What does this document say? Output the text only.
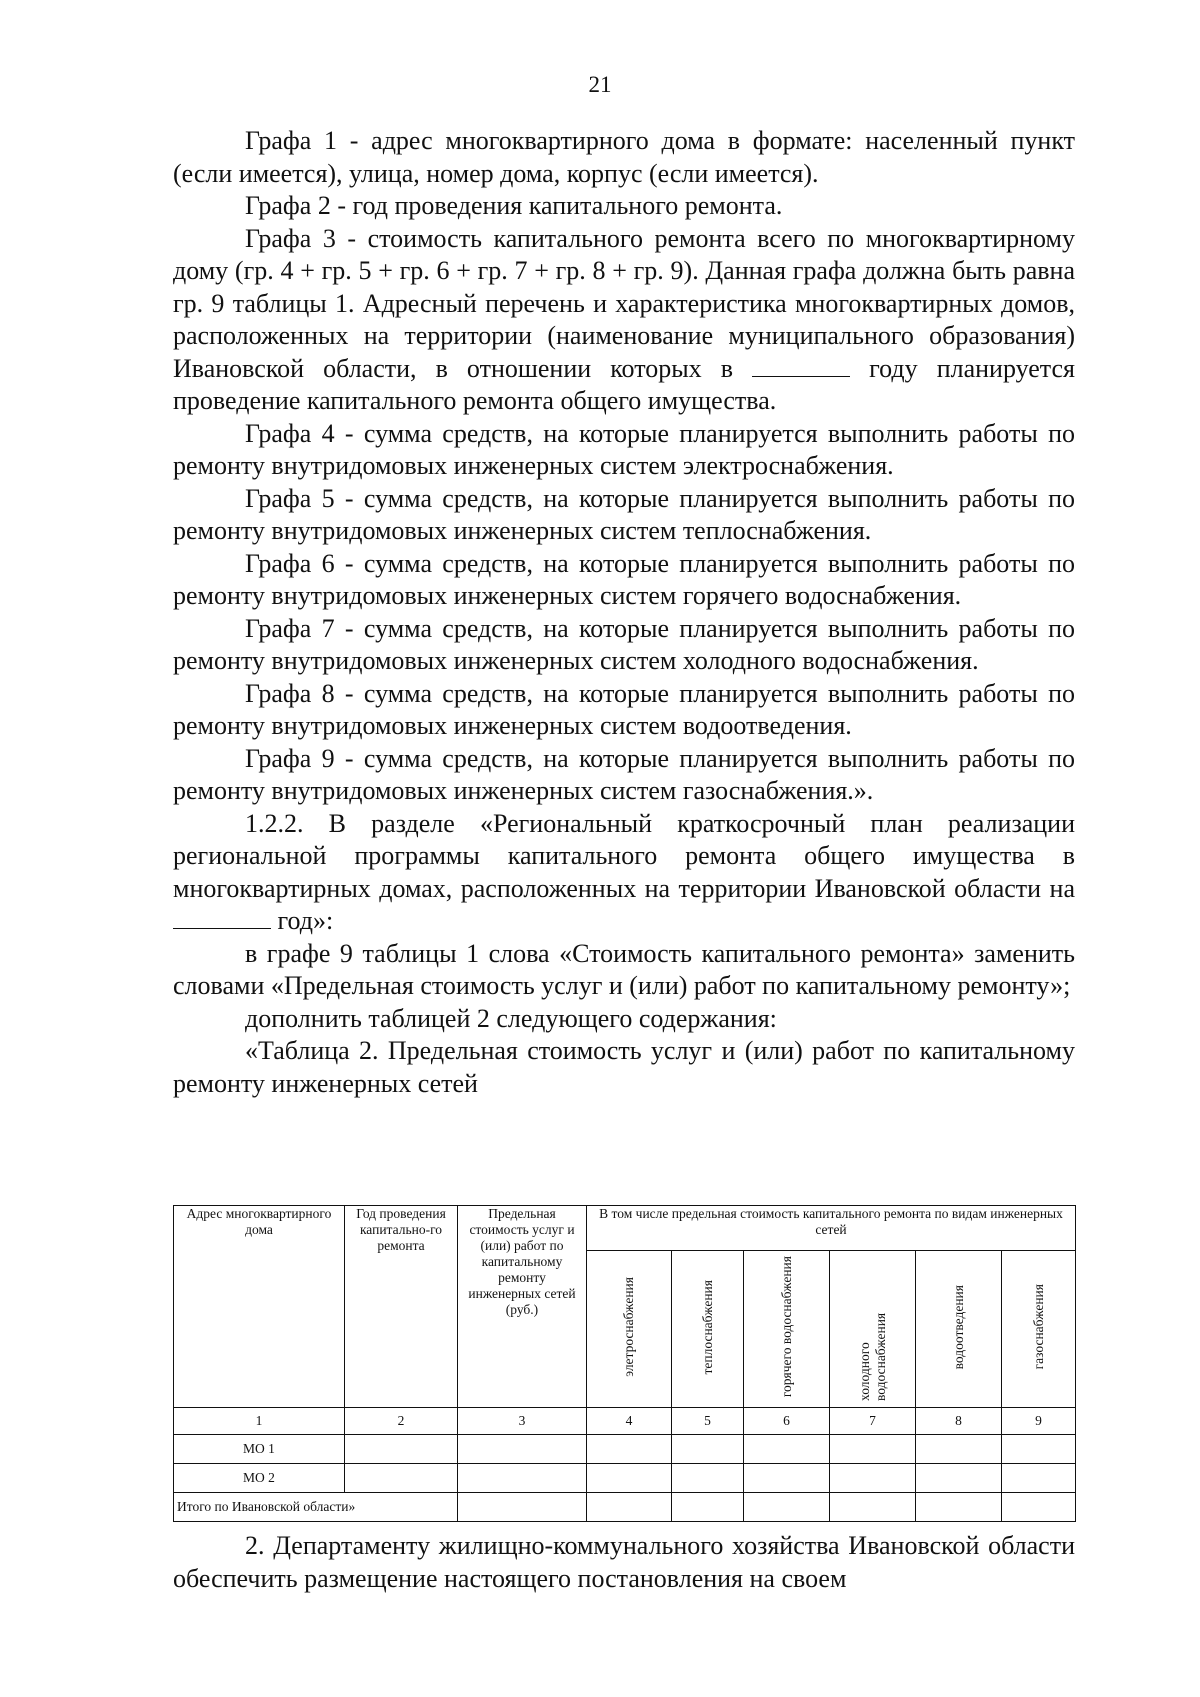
21

Графа 1 - адрес многоквартирного дома в формате: населенный пункт (если имеется), улица, номер дома, корпус (если имеется).

Графа 2 - год проведения капитального ремонта.

Графа 3 - стоимость капитального ремонта всего по многоквартирному дому (гр. 4 + гр. 5 + гр. 6 + гр. 7 + гр. 8 + гр. 9). Данная графа должна быть равна гр. 9 таблицы 1. Адресный перечень и характеристика многоквартирных домов, расположенных на территории (наименование муниципального образования) Ивановской области, в отношении которых в	году планируется проведение капитального ремонта общего имущества.

Графа 4 - сумма средств, на которые планируется выполнить работы по ремонту внутридомовых инженерных систем электроснабжения.

Графа 5 - сумма средств, на которые планируется выполнить работы по ремонту внутридомовых инженерных систем теплоснабжения.

Графа 6 - сумма средств, на которые планируется выполнить работы по ремонту внутридомовых инженерных систем горячего водоснабжения.

Графа 7 - сумма средств, на которые планируется выполнить работы по ремонту внутридомовых инженерных систем холодного водоснабжения.

Графа 8 - сумма средств, на которые планируется выполнить работы по ремонту внутридомовых инженерных систем водоотведения.

Графа 9 - сумма средств, на которые планируется выполнить работы по ремонту внутридомовых инженерных систем газоснабжения.».

1.2.2. В разделе «Региональный краткосрочный план реализации региональной программы капитального ремонта общего имущества в многоквартирных домах, расположенных на территории Ивановской области на  год»:

в графе 9 таблицы 1 слова «Стоимость капитального ремонта» заменить словами «Предельная стоимость услуг и (или) работ по капитальному ремонту»;

дополнить таблицей 2 следующего содержания:

«Таблица 2. Предельная стоимость услуг и (или) работ по капитальному ремонту инженерных сетей

Адрес многоквартирного дома	Год проведения капитально-го ремонта	Предельная стоимость услуг и (или) работ по капитальному ремонту инженерных сетей (руб.)	В том числе предельная стоимость капитального ремонта по видам инженерных сетей					
			элетроснабжения	теплоснабжения	горячего водоснабжения	холодного водоснабжения	водоотведения	газоснабжения
1	2	3	4	5	6	7	8	9
МО 1								
МО 2								
Итого по Ивановской области»								

2. Департаменту жилищно-коммунального хозяйства Ивановской области обеспечить размещение настоящего постановления на своем
